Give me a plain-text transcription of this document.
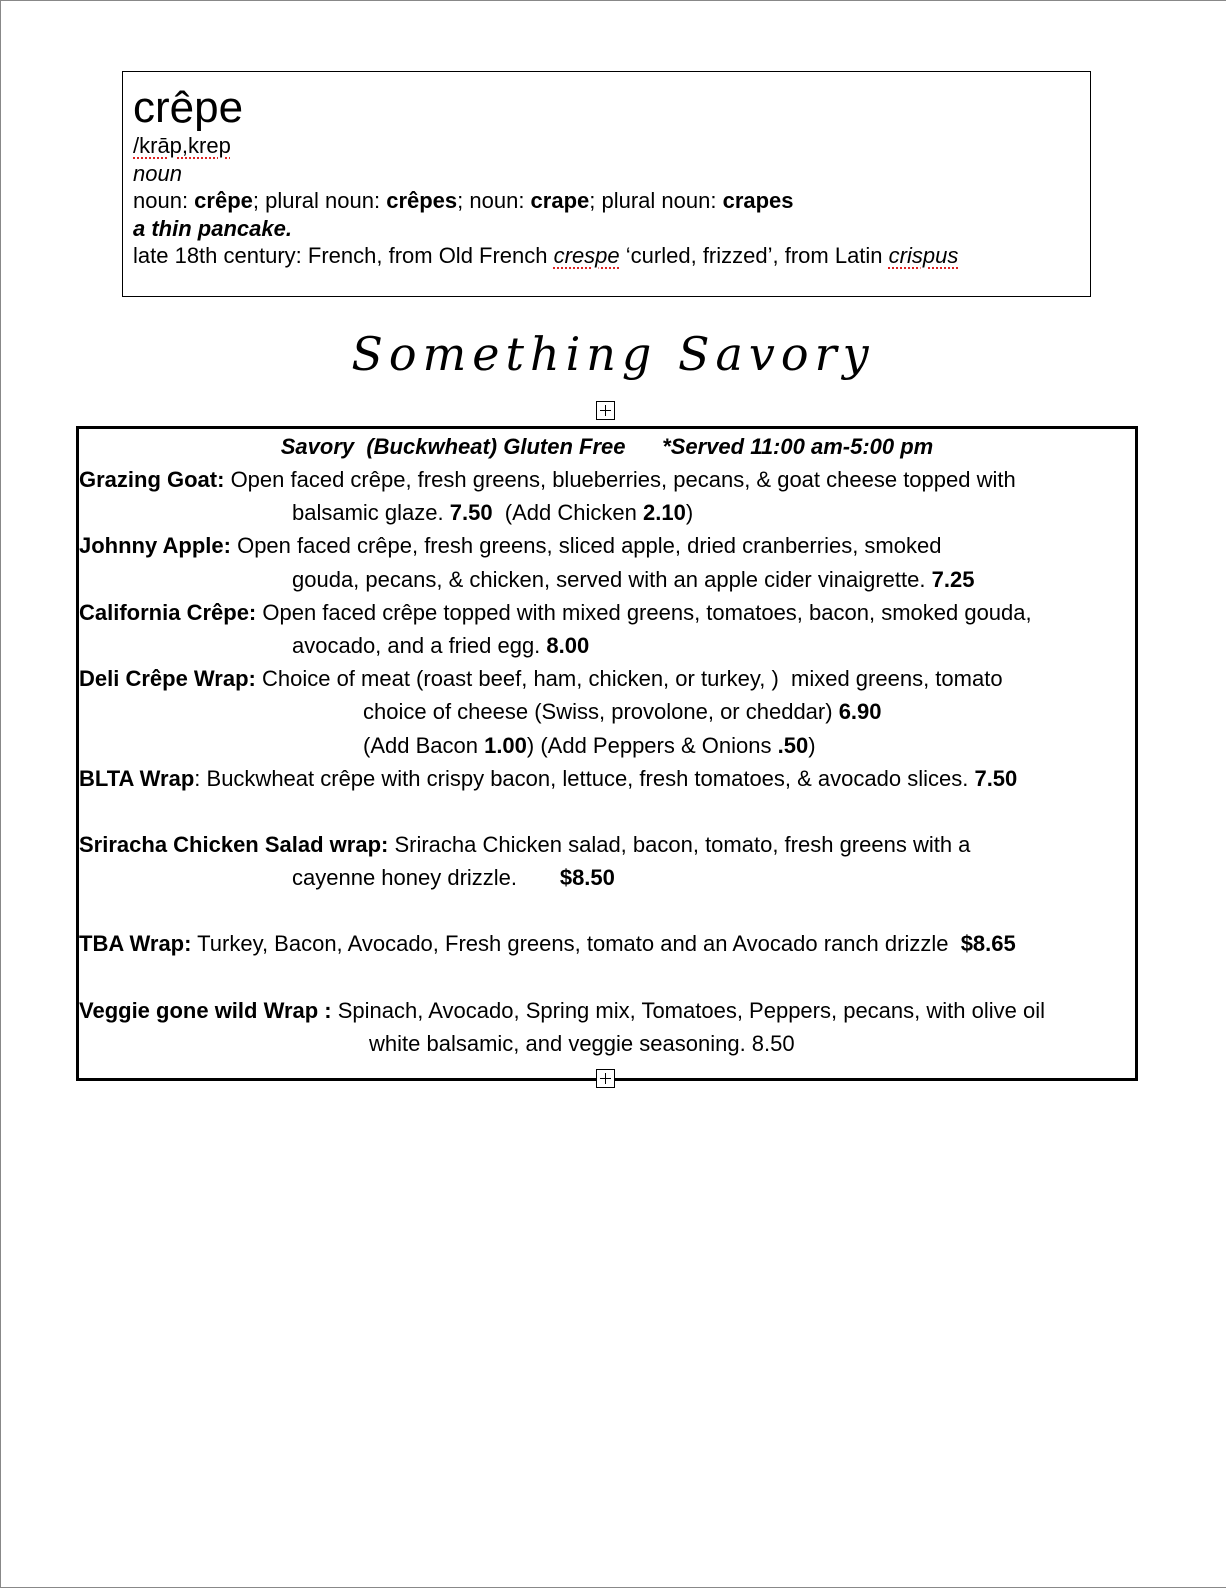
crêpe
/krāp,krep
noun
noun: crêpe; plural noun: crêpes; noun: crape; plural noun: crapes
a thin pancake.
late 18th century: French, from Old French crespe ‘curled, frizzed’, from Latin crispus
Something Savory
Savory  (Buckwheat) Gluten Free      *Served 11:00 am-5:00 pm
Grazing Goat: Open faced crêpe, fresh greens, blueberries, pecans, & goat cheese topped with
balsamic glaze. 7.50  (Add Chicken 2.10)
Johnny Apple: Open faced crêpe, fresh greens, sliced apple, dried cranberries, smoked
gouda, pecans, & chicken, served with an apple cider vinaigrette. 7.25
California Crêpe: Open faced crêpe topped with mixed greens, tomatoes, bacon, smoked gouda,
avocado, and a fried egg. 8.00
Deli Crêpe Wrap: Choice of meat (roast beef, ham, chicken, or turkey, )  mixed greens, tomato
choice of cheese (Swiss, provolone, or cheddar) 6.90
(Add Bacon 1.00) (Add Peppers & Onions .50)
BLTA Wrap: Buckwheat crêpe with crispy bacon, lettuce, fresh tomatoes, & avocado slices. 7.50
Sriracha Chicken Salad wrap: Sriracha Chicken salad, bacon, tomato, fresh greens with a
cayenne honey drizzle.       $8.50
TBA Wrap: Turkey, Bacon, Avocado, Fresh greens, tomato and an Avocado ranch drizzle  $8.65
Veggie gone wild Wrap : Spinach, Avocado, Spring mix, Tomatoes, Peppers, pecans, with olive oil
white balsamic, and veggie seasoning. 8.50
